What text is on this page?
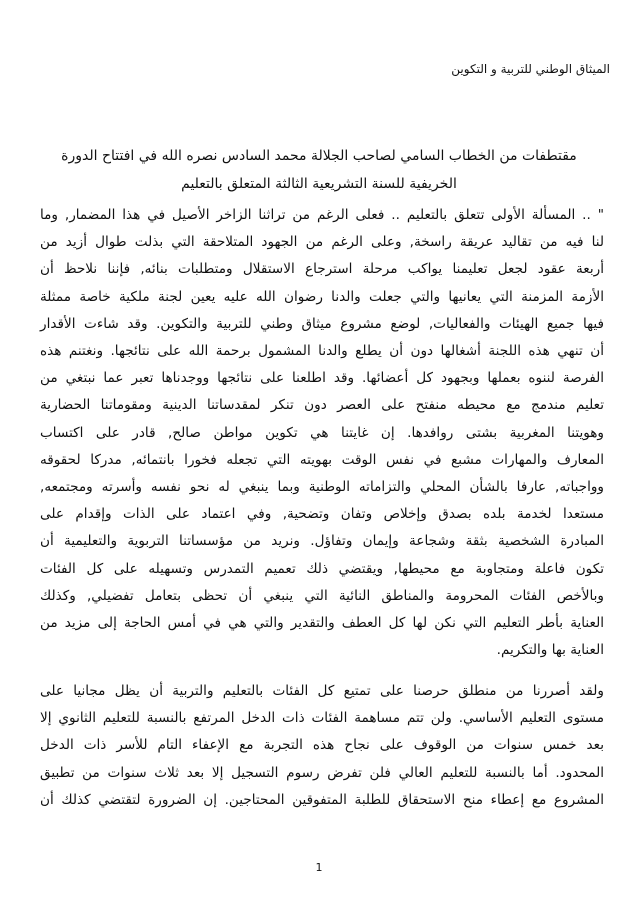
الميثاق الوطني للتربية و التكوين
مقتطفات من الخطاب السامي لصاحب الجلالة محمد السادس نصره الله في افتتاح الدورة
الخريفية للسنة التشريعية الثالثة المتعلق بالتعليم
" .. المسألة الأولى تتعلق بالتعليم .. فعلى الرغم من تراثنا الزاخر الأصيل في هذا المضمار, وما
لنا فيه من تقاليد عريقة راسخة, وعلى الرغم من الجهود المتلاحقة التي بذلت طوال أزيد من
أربعة عقود لجعل تعليمنا يواكب مرحلة استرجاع الاستقلال ومتطلبات بنائه, فإننا نلاحظ أن
الأزمة المزمنة التي يعانيها والتي جعلت والدنا رضوان الله عليه يعين لجنة ملكية خاصة ممثلة
فيها جميع الهيئات والفعاليات, لوضع مشروع ميثاق وطني للتربية والتكوين. وقد شاءت الأقدار
أن تنهي هذه اللجنة أشغالها دون أن يطلع والدنا المشمول برحمة الله على نتائجها. ونغتنم هذه
الفرصة لننوه بعملها وبجهود كل أعضائها. وقد اطلعنا على نتائجها ووجدناها تعبر عما نبتغي من
تعليم مندمج مع محيطه منفتح على العصر دون تنكر لمقدساتنا الدينية ومقوماتنا الحضارية
وهويتنا المغربية بشتى روافدها. إن غايتنا هي تكوين مواطن صالح, قادر على اكتساب
المعارف والمهارات مشبع في نفس الوقت بهويته التي تجعله فخورا بانتمائه, مدركا لحقوقه
وواجباته, عارفا بالشأن المحلي والتزاماته الوطنية وبما ينبغي له نحو نفسه وأسرته ومجتمعه,
مستعدا لخدمة بلده بصدق وإخلاص وتفان وتضحية, وفي اعتماد على الذات وإقدام على
المبادرة الشخصية بثقة وشجاعة وإيمان وتفاؤل. ونريد من مؤسساتنا التربوية والتعليمية أن
تكون فاعلة ومتجاوبة مع محيطها, ويقتضي ذلك تعميم التمدرس وتسهيله على كل الفئات
وبالأخص الفئات المحرومة والمناطق النائية التي ينبغي أن تحظى بتعامل تفضيلي, وكذلك
العناية بأطر التعليم التي نكن لها كل العطف والتقدير والتي هي في أمس الحاجة إلى مزيد من
العناية بها والتكريم.
ولقد أصررنا من منطلق حرصنا على تمتيع كل الفئات بالتعليم والتربية أن يظل مجانيا على
مستوى التعليم الأساسي. ولن تتم مساهمة الفئات ذات الدخل المرتفع بالنسبة للتعليم الثانوي إلا
بعد خمس سنوات من الوقوف على نجاح هذه التجربة مع الإعفاء التام للأسر ذات الدخل
المحدود. أما بالنسبة للتعليم العالي فلن تفرض رسوم التسجيل إلا بعد ثلاث سنوات من تطبيق
المشروع مع إعطاء منح الاستحقاق للطلبة المتفوقين المحتاجين. إن الضرورة لتقتضي كذلك أن
1
